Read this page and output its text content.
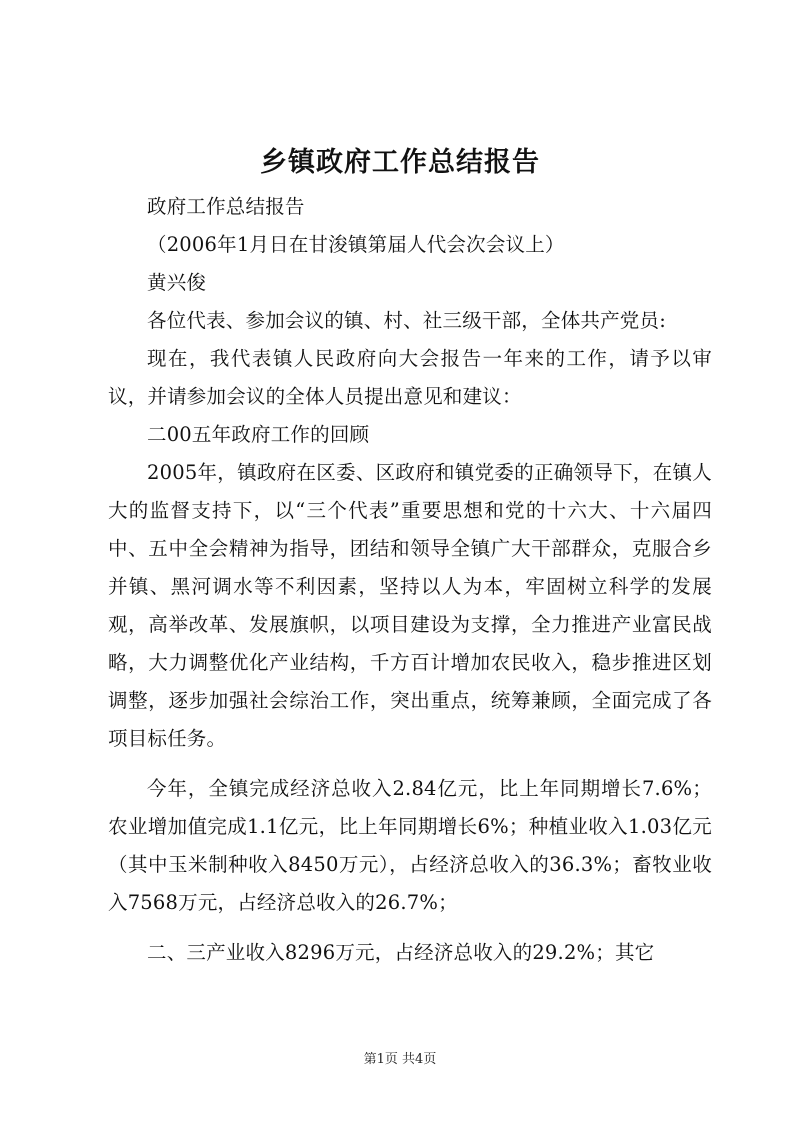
乡镇政府工作总结报告

政府工作总结报告

（2006年1月日在甘浚镇第届人代会次会议上）

黄兴俊

各位代表、参加会议的镇、村、社三级干部，全体共产党员:

现在，我代表镇人民政府向大会报告一年来的工作，请予以审议，并请参加会议的全体人员提出意见和建议：

二00五年政府工作的回顾

2005年，镇政府在区委、区政府和镇党委的正确领导下，在镇人大的监督支持下，以“三个代表”重要思想和党的十六大、十六届四中、五中全会精神为指导，团结和领导全镇广大干部群众，克服合乡并镇、黑河调水等不利因素，坚持以人为本，牢固树立科学的发展观，高举改革、发展旗帜，以项目建设为支撑，全力推进产业富民战略，大力调整优化产业结构，千方百计增加农民收入，稳步推进区划调整，逐步加强社会综治工作，突出重点，统筹兼顾，全面完成了各项目标任务。

今年，全镇完成经济总收入2.84亿元，比上年同期增长7.6%；农业增加值完成1.1亿元，比上年同期增长6%；种植业收入1.03亿元（其中玉米制种收入8450万元），占经济总收入的36.3%；畜牧业收入7568万元，占经济总收入的26.7%；

二、三产业收入8296万元，占经济总收入的29.2%；其它

第1页 共4页
